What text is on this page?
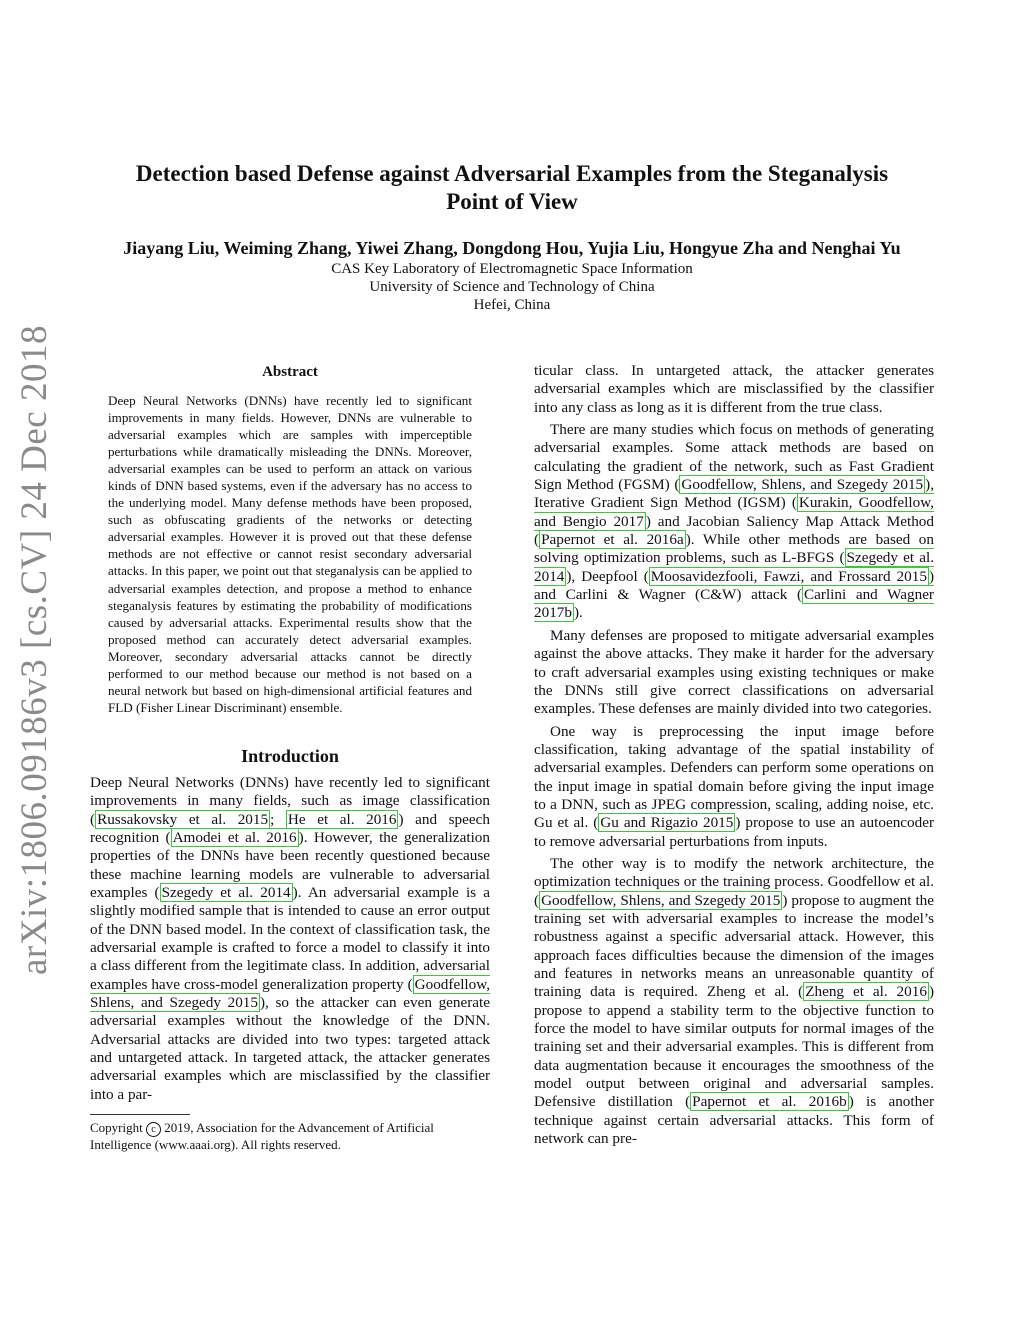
arXiv:1806.09186v3 [cs.CV] 24 Dec 2018
Detection based Defense against Adversarial Examples from the Steganalysis
Point of View
Jiayang Liu, Weiming Zhang, Yiwei Zhang, Dongdong Hou, Yujia Liu, Hongyue Zha and Nenghai Yu
CAS Key Laboratory of Electromagnetic Space Information
University of Science and Technology of China
Hefei, China
Abstract

Deep Neural Networks (DNNs) have recently led to significant improvements in many fields. However, DNNs are vulnerable to adversarial examples which are samples with imperceptible perturbations while dramatically misleading the DNNs. Moreover, adversarial examples can be used to perform an attack on various kinds of DNN based systems, even if the adversary has no access to the underlying model. Many defense methods have been proposed, such as obfuscating gradients of the networks or detecting adversarial examples. However it is proved out that these defense methods are not effective or cannot resist secondary adversarial attacks. In this paper, we point out that steganalysis can be applied to adversarial examples detection, and propose a method to enhance steganalysis features by estimating the probability of modifications caused by adversarial attacks. Experimental results show that the proposed method can accurately detect adversarial examples. Moreover, secondary adversarial attacks cannot be directly performed to our method because our method is not based on a neural network but based on high-dimensional artificial features and FLD (Fisher Linear Discriminant) ensemble.

Introduction

Deep Neural Networks (DNNs) have recently led to significant improvements in many fields, such as image classification ( Russakovsky et al. 2015 ; He et al. 2016 ) and speech recognition ( Amodei et al. 2016 ). However, the generalization properties of the DNNs have been recently questioned because these machine learning models are vulnerable to adversarial examples ( Szegedy et al. 2014 ). An adversarial example is a slightly modified sample that is intended to cause an error output of the DNN based model. In the context of classification task, the adversarial example is crafted to force a model to classify it into a class different from the legitimate class. In addition, adversarial examples have cross-model generalization property ( Goodfellow, Shlens, and Szegedy 2015 ), so the attacker can even generate adversarial examples without the knowledge of the DNN. Adversarial attacks are divided into two types: targeted attack and untargeted attack. In targeted attack, the attacker generates adversarial examples which are misclassified by the classifier into a par-

Copyright c 2019, Association for the Advancement of Artificial Intelligence (www.aaai.org). All rights reserved.

ticular class. In untargeted attack, the attacker generates adversarial examples which are misclassified by the classifier into any class as long as it is different from the true class.

There are many studies which focus on methods of generating adversarial examples. Some attack methods are based on calculating the gradient of the network, such as Fast Gradient Sign Method (FGSM) ( Goodfellow, Shlens, and Szegedy 2015 ), Iterative Gradient Sign Method (IGSM) ( Kurakin, Goodfellow, and Bengio 2017 ) and Jacobian Saliency Map Attack Method ( Papernot et al. 2016a ). While other methods are based on solving optimization problems, such as L-BFGS ( Szegedy et al. 2014 ), Deepfool ( Moosavidezfooli, Fawzi, and Frossard 2015 ) and Carlini & Wagner (C&W) attack ( Carlini and Wagner 2017b ).

Many defenses are proposed to mitigate adversarial examples against the above attacks. They make it harder for the adversary to craft adversarial examples using existing techniques or make the DNNs still give correct classifications on adversarial examples. These defenses are mainly divided into two categories.

One way is preprocessing the input image before classification, taking advantage of the spatial instability of adversarial examples. Defenders can perform some operations on the input image in spatial domain before giving the input image to a DNN, such as JPEG compression, scaling, adding noise, etc. Gu et al. ( Gu and Rigazio 2015 ) propose to use an autoencoder to remove adversarial perturbations from inputs.

The other way is to modify the network architecture, the optimization techniques or the training process. Goodfellow et al. ( Goodfellow, Shlens, and Szegedy 2015 ) propose to augment the training set with adversarial examples to increase the model’s robustness against a specific adversarial attack. However, this approach faces difficulties because the dimension of the images and features in networks means an unreasonable quantity of training data is required. Zheng et al. ( Zheng et al. 2016 ) propose to append a stability term to the objective function to force the model to have similar outputs for normal images of the training set and their adversarial examples. This is different from data augmentation because it encourages the smoothness of the model output between original and adversarial samples. Defensive distillation ( Papernot et al. 2016b ) is another technique against certain adversarial attacks. This form of network can pre-
